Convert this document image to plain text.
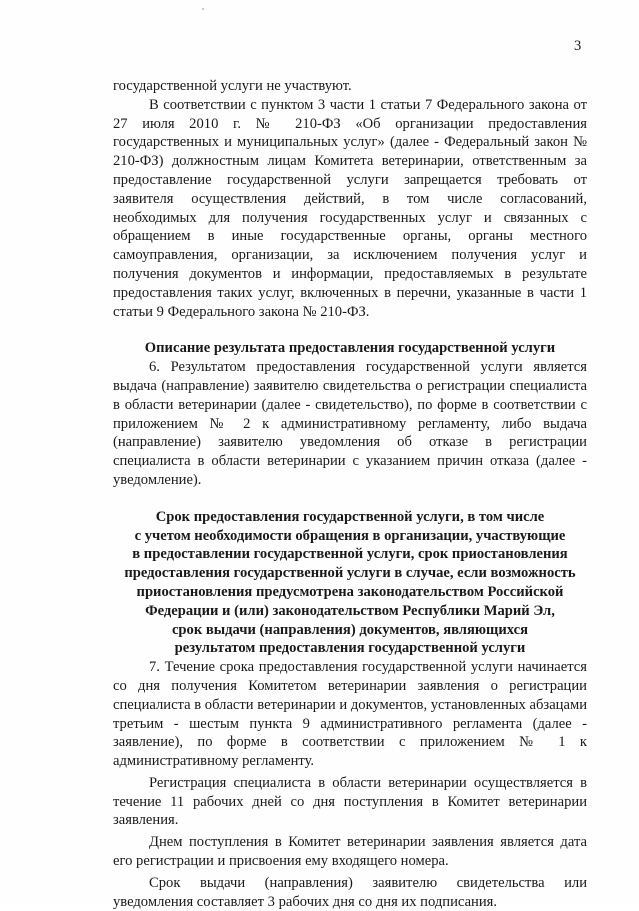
3

государственной услуги не участвуют.

В соответствии с пунктом 3 части 1 статьи 7 Федерального закона от 27 июля 2010 г. № 210-ФЗ «Об организации предоставления государственных и муниципальных услуг» (далее - Федеральный закон № 210-ФЗ) должностным лицам Комитета ветеринарии, ответственным за предоставление государственной услуги запрещается требовать от заявителя осуществления действий, в том числе согласований, необходимых для получения государственных услуг и связанных с обращением в иные государственные органы, органы местного самоуправления, организации, за исключением получения услуг и получения документов и информации, предоставляемых в результате предоставления таких услуг, включенных в перечни, указанные в части 1 статьи 9 Федерального закона № 210-ФЗ.

Описание результата предоставления государственной услуги

6. Результатом предоставления государственной услуги является выдача (направление) заявителю свидетельства о регистрации специалиста в области ветеринарии (далее - свидетельство), по форме в соответствии с приложением № 2 к административному регламенту, либо выдача (направление) заявителю уведомления об отказе в регистрации специалиста в области ветеринарии с указанием причин отказа (далее - уведомление).

Срок предоставления государственной услуги, в том числе

с учетом необходимости обращения в организации, участвующие

в предоставлении государственной услуги, срок приостановления

предоставления государственной услуги в случае, если возможность

приостановления предусмотрена законодательством Российской

Федерации и (или) законодательством Республики Марий Эл,

срок выдачи (направления) документов, являющихся

результатом предоставления государственной услуги

7. Течение срока предоставления государственной услуги начинается со дня получения Комитетом ветеринарии заявления о регистрации специалиста в области ветеринарии и документов, установленных абзацами третьим - шестым пункта 9 административного регламента (далее - заявление), по форме в соответствии с приложением № 1 к административному регламенту.

Регистрация специалиста в области ветеринарии осуществляется в течение 11 рабочих дней со дня поступления в Комитет ветеринарии заявления.

Днем поступления в Комитет ветеринарии заявления является дата его регистрации и присвоения ему входящего номера.

Срок выдачи (направления) заявителю свидетельства или уведомления составляет 3 рабочих дня со дня их подписания.
